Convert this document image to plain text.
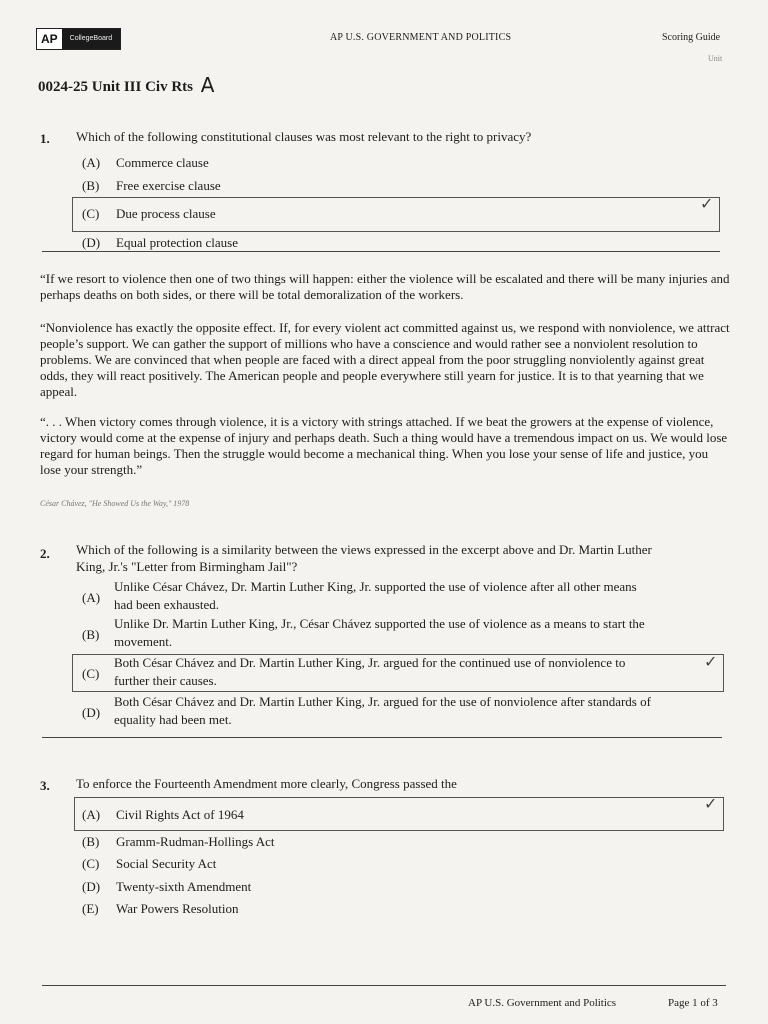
AP	CollegeBoard	AP U.S. GOVERNMENT AND POLITICS	Scoring Guide
Unit
0024-25 Unit III Civ Rts A
1. Which of the following constitutional clauses was most relevant to the right to privacy?
(A) Commerce clause
(B) Free exercise clause
(C) Due process clause
✓
(D) Equal protection clause
“If we resort to violence then one of two things will happen: either the violence will be escalated and there will be many injuries and perhaps deaths on both sides, or there will be total demoralization of the workers.
“Nonviolence has exactly the opposite effect. If, for every violent act committed against us, we respond with nonviolence, we attract people’s support. We can gather the support of millions who have a conscience and would rather see a nonviolent resolution to problems. We are convinced that when people are faced with a direct appeal from the poor struggling nonviolently against great odds, they will react positively. The American people and people everywhere still yearn for justice. It is to that yearning that we appeal.
“. . . When victory comes through violence, it is a victory with strings attached. If we beat the growers at the expense of violence, victory would come at the expense of injury and perhaps death. Such a thing would have a tremendous impact on us. We would lose regard for human beings. Then the struggle would become a mechanical thing. When you lose your sense of life and justice, you lose your strength.”
César Chávez, "He Showed Us the Way," 1978
2. Which of the following is a similarity between the views expressed in the excerpt above and Dr. Martin Luther
King, Jr.'s "Letter from Birmingham Jail"?
(A)
Unlike César Chávez, Dr. Martin Luther King, Jr. supported the use of violence after all other means
had been exhausted.
(B)
Unlike Dr. Martin Luther King, Jr., César Chávez supported the use of violence as a means to start the
movement.
(C)
Both César Chávez and Dr. Martin Luther King, Jr. argued for the continued use of nonviolence to
further their causes.
✓
(D)
Both César Chávez and Dr. Martin Luther King, Jr. argued for the use of nonviolence after standards of
equality had been met.
3. To enforce the Fourteenth Amendment more clearly, Congress passed the
(A) Civil Rights Act of 1964
✓
(B) Gramm-Rudman-Hollings Act
(C) Social Security Act
(D) Twenty-sixth Amendment
(E) War Powers Resolution
AP U.S. Government and Politics	Page 1 of 3
